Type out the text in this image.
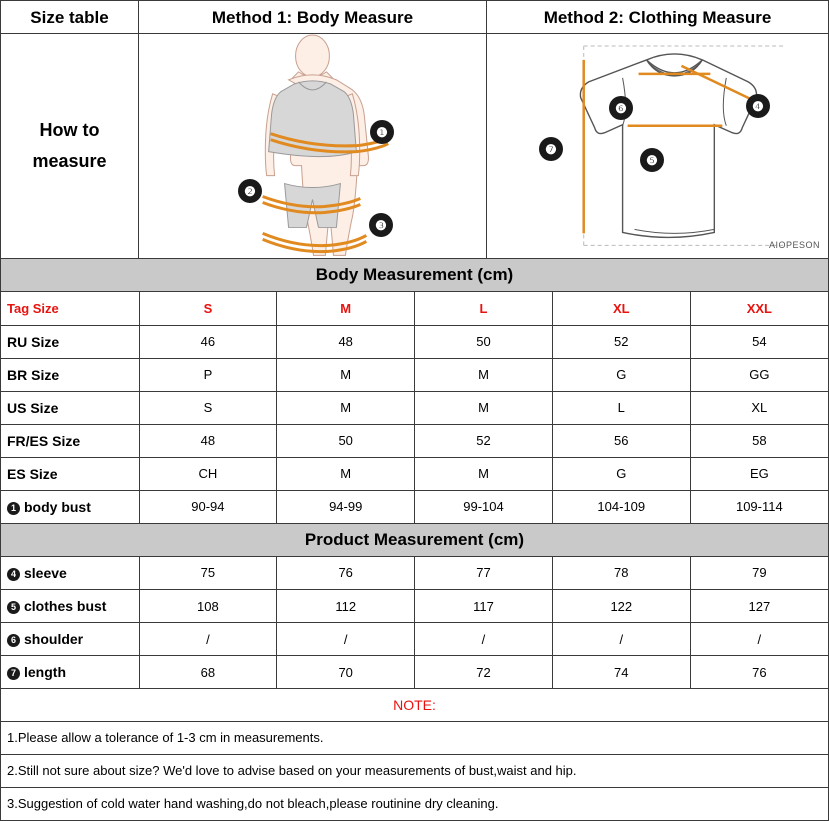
Size table
How to
measure
Method 1: Body Measure
❶
❷
❸
Method 2: Clothing Measure
❻	❹
❺
❼
AIOPESON
Body Measurement (cm)
Tag Size	S	M	L	XL	XXL
RU Size	46	48	50	52	54
BR Size	P	M	M	G	GG
US Size	S	M	M	L	XL
FR/ES Size	48	50	52	56	58
ES Size	CH	M	M	G	EG
1 body bust	90-94	94-99	99-104	104-109	109-114
Product Measurement (cm)
4 sleeve	75	76	77	78	79
5 clothes bust	108	112	117	122	127
6 shoulder	/	/	/	/	/
7 length	68	70	72	74	76
NOTE:
1.Please allow a tolerance of 1-3 cm in measurements.
2.Still not sure about size? We'd love to advise based on your measurements of bust,waist and hip.
3.Suggestion of cold water hand washing,do not bleach,please routinine dry cleaning.
